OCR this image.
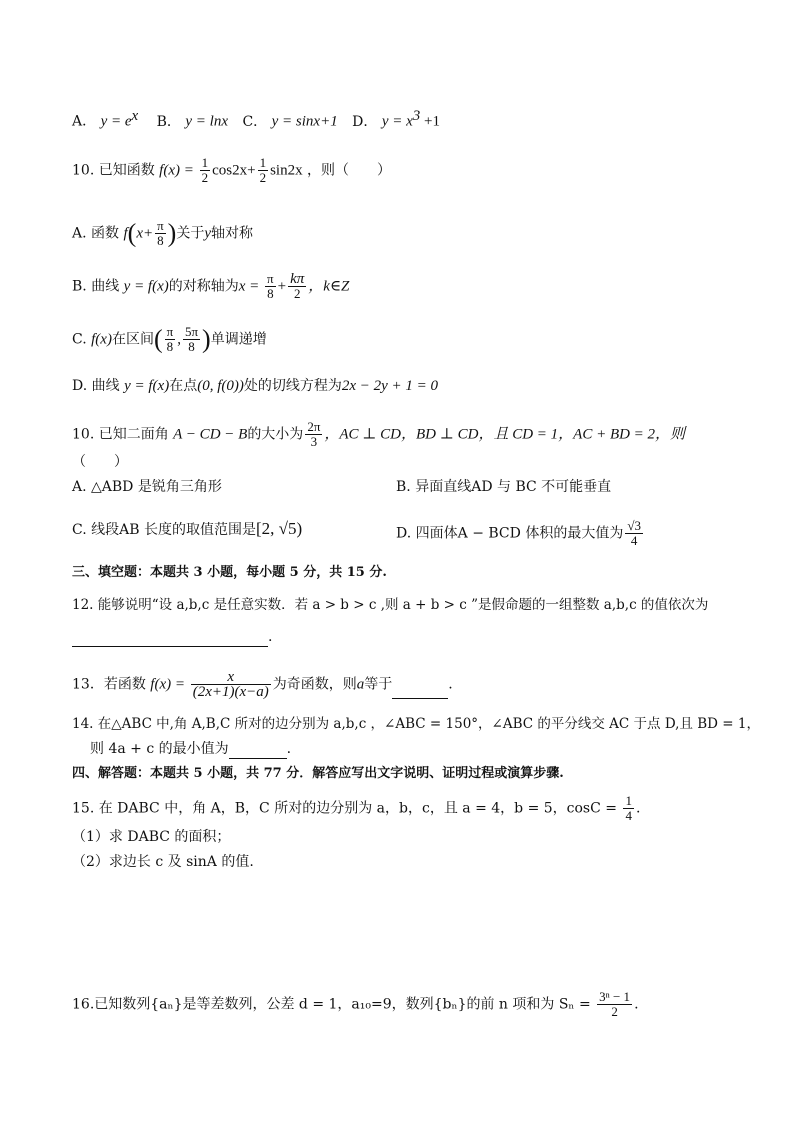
A． $y = e^x$ B． y = lnx C． y = sinx+1 D． $y = x^3 +1$
10. 已知函数 $f(x) = \frac{1}{2} \cos 2x+ \frac{1}{2} \sin 2x$ ，则（　　）
A. 函数 $f(x+ \frac{\pi}{8}$ )关于y轴对称
B. 曲线 y = f(x)的对称轴为$x = \frac{\pi}{8} + \frac{k\pi}{2}$ ，k∈Z
C. f(x)在区间( $\frac{\pi}{8}$ , $\frac{5\pi}{8}$ )单调递增
D. 曲线 y = f(x)在点(0, f(0))处的切线方程为2x − 2y + 1 = 0
10. 已知二面角 A − CD − B的大小为 $\frac{2\pi}{3}$ ，AC ⊥ CD，BD ⊥ CD，且 CD = 1，AC + BD = 2，则
（　　）
A. △ABD 是锐角三角形	B. 异面直线AD 与 BC 不可能垂直
C. 线段AB 长度的取值范围是[2, √5)	D. 四面体A − BCD 体积的最大值为 $\frac{√3}{4}$
三、填空题：本题共 3 小题，每小题 5 分，共 15 分.
12. 能够说明“设 a,b,c 是任意实数．若 a > b > c ,则 a + b > c ”是假命题的一组整数 a,b,c 的值依次为
.
13．若函数 $f(x) = \frac{x}{(2x+1)(x-a)}$ 为奇函数，则a等于	.
14. 在△ABC 中,角 A,B,C 所对的边分别为 a,b,c ，∠ABC = 150°，∠ABC 的平分线交 AC 于点 D,且 BD = 1，
则 4a + c 的最小值为	.
四、解答题：本题共 5 小题，共 77 分．解答应写出文字说明、证明过程或演算步骤.
15. 在 DABC 中，角 A，B，C 所对的边分别为 a，b，c，且 a = 4，b = 5，$\cos C = \frac{1}{4}$ .
（1）求 DABC 的面积；
（2）求边长 c 及 sinA 的值.
16.已知数列{aₙ}是等差数列，公差 d = 1，a₁₀=9，数列{bₙ}的前 n 项和为 $S_n = \frac{\text{3ⁿ − 1}}{2}$ .
